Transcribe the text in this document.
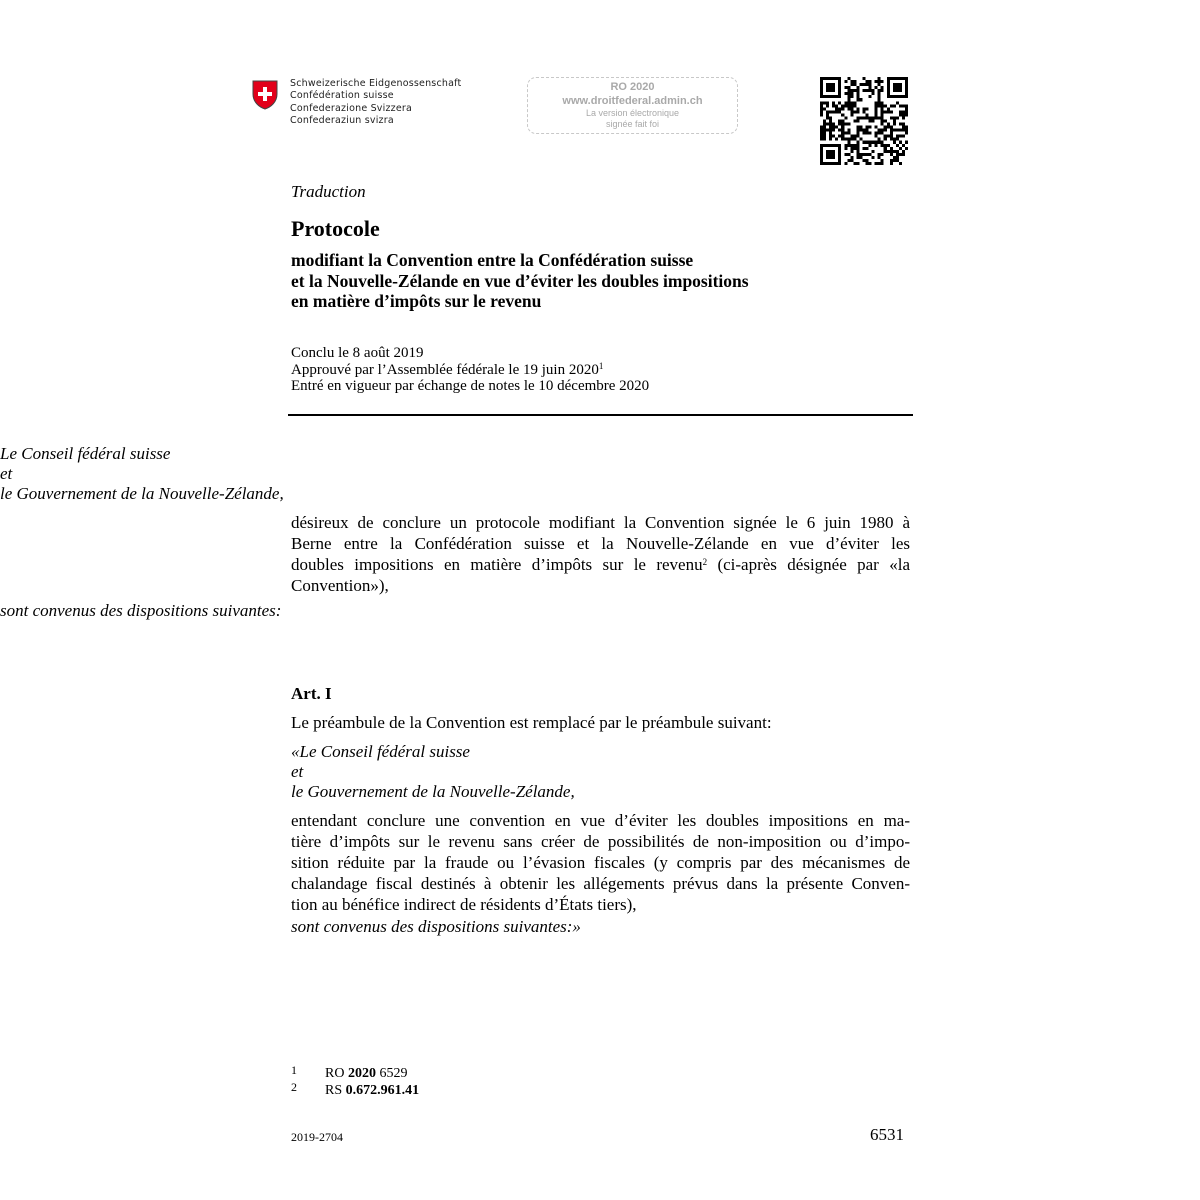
Schweizerische Eidgenossenschaft
Confédération suisse
Confederazione Svizzera
Confederaziun svizra
RO 2020
www.droitfederal.admin.ch
La version électronique
signée fait foi
Traduction
Protocole
modifiant la Convention entre la Confédération suisse
et la Nouvelle-Zélande en vue d’éviter les doubles impositions
en matière d’impôts sur le revenu
Conclu le 8 août 2019
Approuvé par l’Assemblée fédérale le 19 juin 2020$^1$
Entré en vigueur par échange de notes le 10 décembre 2020
Le Conseil fédéral suisse
et
le Gouvernement de la Nouvelle-Zélande,
désireux de conclure un protocole modifiant la Convention signée le 6 juin 1980 à
Berne entre la Confédération suisse et la Nouvelle-Zélande en vue d’éviter les
doubles impositions en matière d’impôts sur le revenu$^2$ (ci-après désignée par «la
Convention»),
sont convenus des dispositions suivantes:
Art. I
Le préambule de la Convention est remplacé par le préambule suivant:
«Le Conseil fédéral suisse
et
le Gouvernement de la Nouvelle-Zélande,
entendant conclure une convention en vue d’éviter les doubles impositions en ma-
tière d’impôts sur le revenu sans créer de possibilités de non-imposition ou d’impo-
sition réduite par la fraude ou l’évasion fiscales (y compris par des mécanismes de
chalandage fiscal destinés à obtenir les allégements prévus dans la présente Conven-
tion au bénéfice indirect de résidents d’États tiers),
sont convenus des dispositions suivantes:»
1 RO 2020 6529
2 RS 0.672.961.41
2019-2704	6531
